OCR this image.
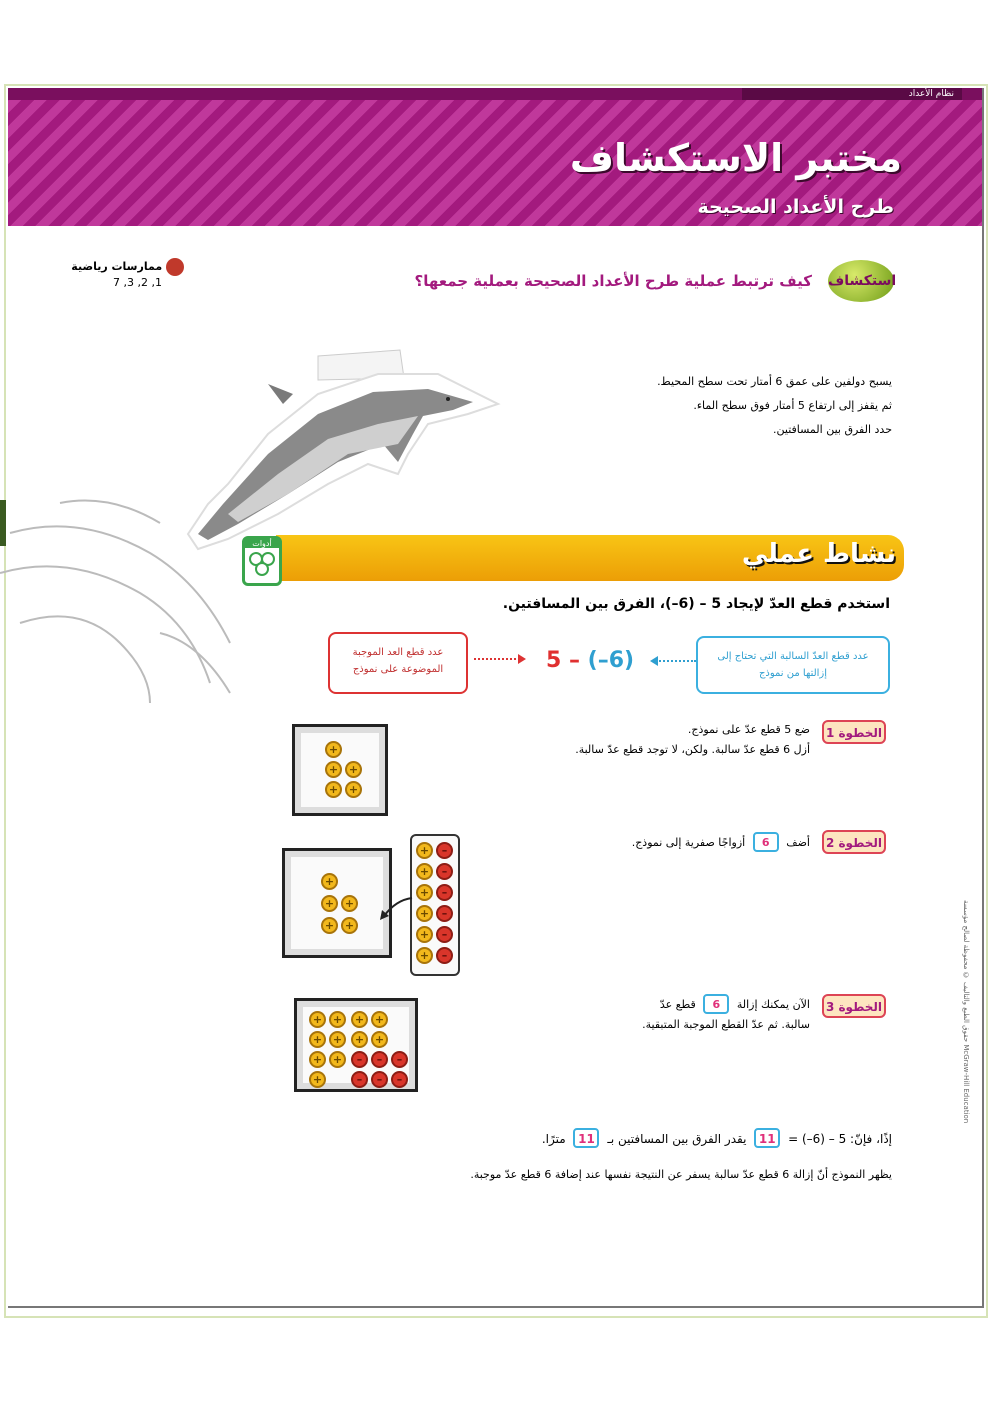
نظام الأعداد
مختبر الاستكشاف
طرح الأعداد الصحيحة
استكشاف
كيف ترتبط عملية طرح الأعداد الصحيحة بعملية جمعها؟
ممارسات رياضية
1, 2, 3, 7
يسبح دولفين على عمق 6 أمتار تحت سطح المحيط.
ثم يقفز إلى ارتفاع 5 أمتار فوق سطح الماء.
حدد الفرق بين المسافتين.
نشاط عملي
أدوات
استخدم قطع العدّ لإيجاد 5 – (6–)، الفرق بين المسافتين.
عدد قطع العد الموجبة الموضوعة على نموذج	5 – (–6)	عدد قطع العدّ السالبة التي تحتاج إلى إزالتها من نموذج
الخطوة 1
ضع 5 قطع عدّ على نموذج.
أزل 6 قطع عدّ سالبة. ولكن، لا توجد قطع عدّ سالبة.
+
+ +
+ +
الخطوة 2
أضف 6 أزواجًا صفرية إلى نموذج.
+
+ +
+ +
+	–
+	–
+	–
+	–
+	–
+	–
الخطوة 3
الآن يمكنك إزالة 6 قطع عدّ
سالبة. ثم عدّ القطع الموجبة المتبقية.
+ +	+ +
+ +	+ +
+ +	–	–	–
+	–	–	–
إذًا، فإنّ: 5 – (6–) = 11 يقدر الفرق بين المسافتين بـ 11 مترًا.
يظهر النموذج أنّ إزالة 6 قطع عدّ سالبة يسفر عن النتيجة نفسها عند إضافة 6 قطع عدّ موجبة.
حقوق الطبع والتأليف © محفوظة لصالح مؤسسة McGraw-Hill Education
